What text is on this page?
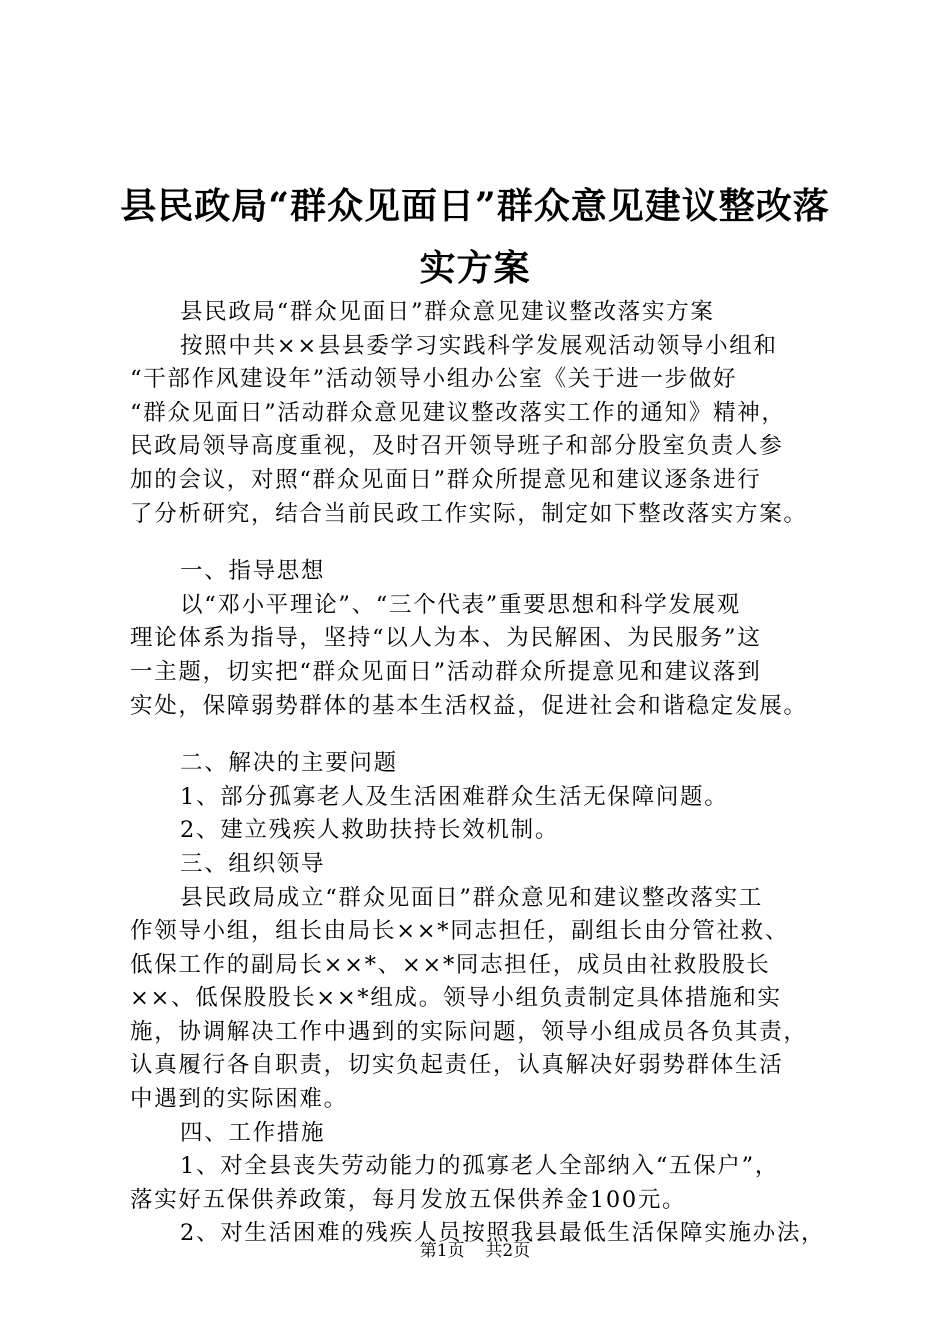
县民政局“群众见面日”群众意见建议整改落
实方案
县民政局“群众见面日”群众意见建议整改落实方案
按照中共××县县委学习实践科学发展观活动领导小组和
“干部作风建设年”活动领导小组办公室《关于进一步做好
“群众见面日”活动群众意见建议整改落实工作的通知》精神，
民政局领导高度重视，及时召开领导班子和部分股室负责人参
加的会议，对照“群众见面日”群众所提意见和建议逐条进行
了分析研究，结合当前民政工作实际，制定如下整改落实方案。
一、指导思想
以“邓小平理论”、“三个代表”重要思想和科学发展观
理论体系为指导，坚持“以人为本、为民解困、为民服务”这
一主题，切实把“群众见面日”活动群众所提意见和建议落到
实处，保障弱势群体的基本生活权益，促进社会和谐稳定发展。
二、解决的主要问题
1、部分孤寡老人及生活困难群众生活无保障问题。
2、建立残疾人救助扶持长效机制。
三、组织领导
县民政局成立“群众见面日”群众意见和建议整改落实工
作领导小组，组长由局长××*同志担任，副组长由分管社救、
低保工作的副局长××*、××*同志担任，成员由社救股股长
××、低保股股长××*组成。领导小组负责制定具体措施和实
施，协调解决工作中遇到的实际问题，领导小组成员各负其责，
认真履行各自职责，切实负起责任，认真解决好弱势群体生活
中遇到的实际困难。
四、工作措施
1、对全县丧失劳动能力的孤寡老人全部纳入“五保户”，
落实好五保供养政策，每月发放五保供养金100元。
2、对生活困难的残疾人员按照我县最低生活保障实施办法，
第1页 共2页
